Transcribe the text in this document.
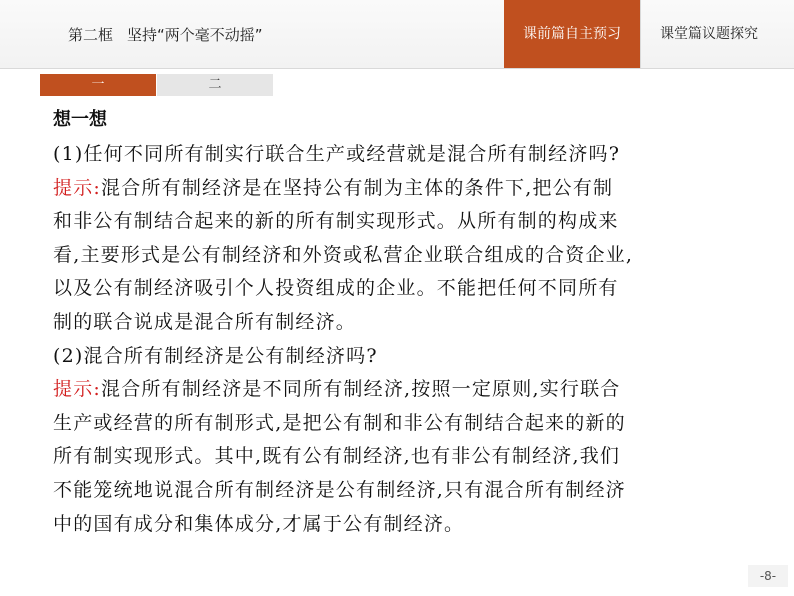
第二框 坚持“两个毫不动摇”	课前篇自主预习	课堂篇议题探究
一	二
想一想
(1)任何不同所有制实行联合生产或经营就是混合所有制经济吗?
提示:混合所有制经济是在坚持公有制为主体的条件下,把公有制
和非公有制结合起来的新的所有制实现形式。从所有制的构成来
看,主要形式是公有制经济和外资或私营企业联合组成的合资企业,
以及公有制经济吸引个人投资组成的企业。不能把任何不同所有
制的联合说成是混合所有制经济。
(2)混合所有制经济是公有制经济吗?
提示:混合所有制经济是不同所有制经济,按照一定原则,实行联合
生产或经营的所有制形式,是把公有制和非公有制结合起来的新的
所有制实现形式。其中,既有公有制经济,也有非公有制经济,我们
不能笼统地说混合所有制经济是公有制经济,只有混合所有制经济
中的国有成分和集体成分,才属于公有制经济。
-8-
